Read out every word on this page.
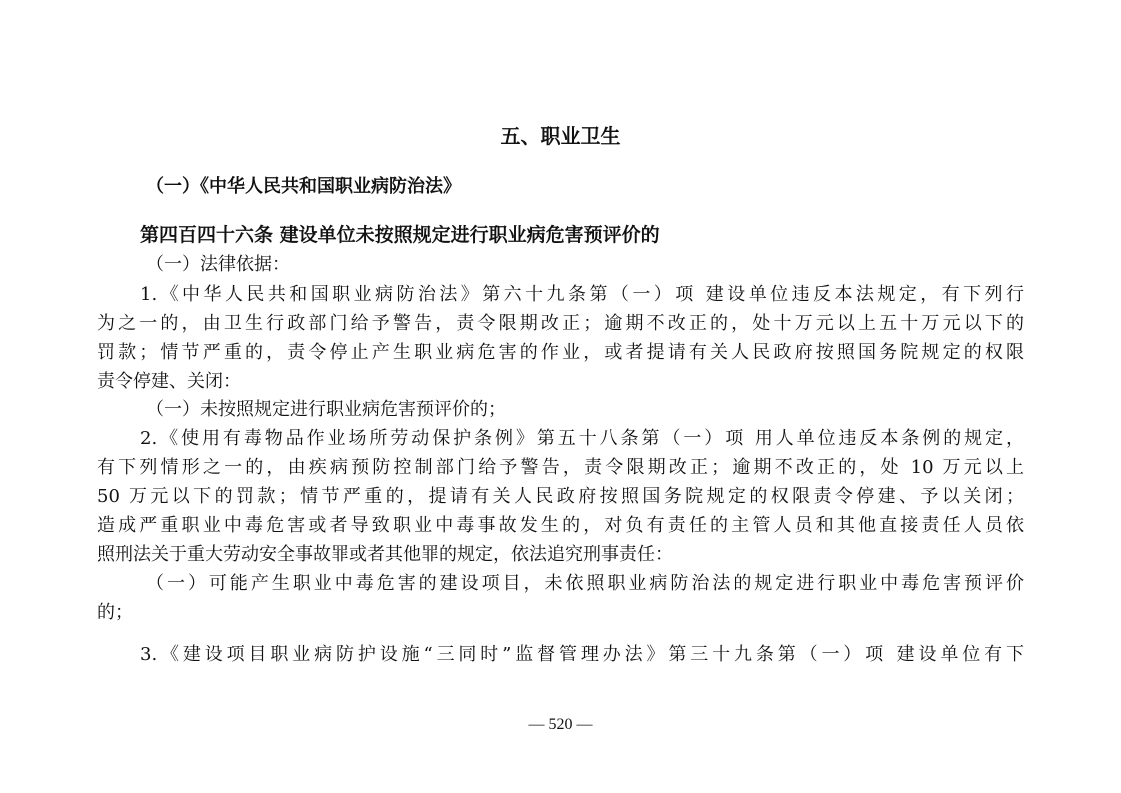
五、职业卫生
（一）《中华人民共和国职业病防治法》
第四百四十六条 建设单位未按照规定进行职业病危害预评价的
（一）法律依据：
1.《中华人民共和国职业病防治法》第六十九条第（一）项 建设单位违反本法规定，有下列行
为之一的，由卫生行政部门给予警告，责令限期改正；逾期不改正的，处十万元以上五十万元以下的
罚款；情节严重的，责令停止产生职业病危害的作业，或者提请有关人民政府按照国务院规定的权限
责令停建、关闭：
（一）未按照规定进行职业病危害预评价的；
2.《使用有毒物品作业场所劳动保护条例》第五十八条第（一）项 用人单位违反本条例的规定，
有下列情形之一的，由疾病预防控制部门给予警告，责令限期改正；逾期不改正的，处 10 万元以上
50 万元以下的罚款；情节严重的，提请有关人民政府按照国务院规定的权限责令停建、予以关闭；
造成严重职业中毒危害或者导致职业中毒事故发生的，对负有责任的主管人员和其他直接责任人员依
照刑法关于重大劳动安全事故罪或者其他罪的规定，依法追究刑事责任：
（一）可能产生职业中毒危害的建设项目，未依照职业病防治法的规定进行职业中毒危害预评价
的；
3.《建设项目职业病防护设施“三同时”监督管理办法》第三十九条第（一）项 建设单位有下
— 520 —
